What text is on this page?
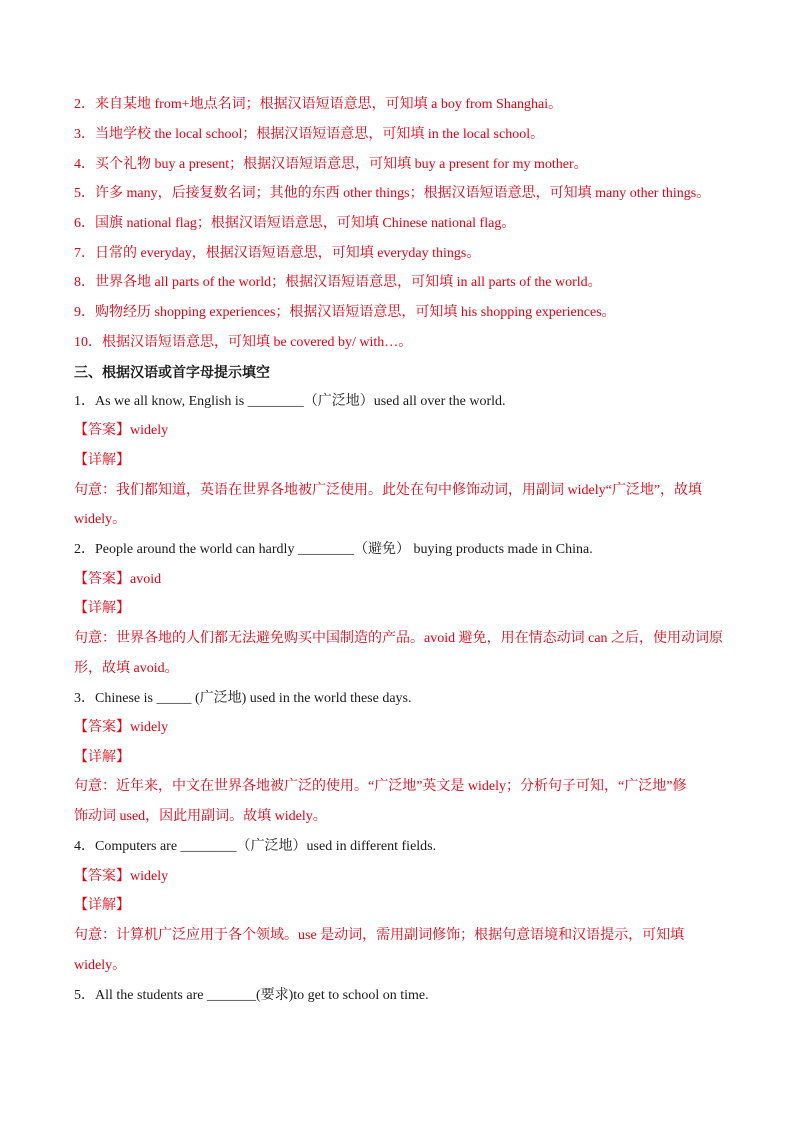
2．来自某地 from+地点名词；根据汉语短语意思，可知填 a boy from Shanghai。
3．当地学校 the local school；根据汉语短语意思，可知填 in the local school。
4．买个礼物 buy a present；根据汉语短语意思，可知填 buy a present for my mother。
5．许多 many，后接复数名词；其他的东西 other things；根据汉语短语意思，可知填 many other things。
6．国旗 national flag；根据汉语短语意思，可知填 Chinese national flag。
7．日常的 everyday，根据汉语短语意思，可知填 everyday things。
8．世界各地 all parts of the world；根据汉语短语意思，可知填 in all parts of the world。
9．购物经历 shopping experiences；根据汉语短语意思，可知填 his shopping experiences。
10．根据汉语短语意思，可知填 be covered by/ with…。
三、根据汉语或首字母提示填空
1．As we all know, English is ________（广泛地）used all over the world.
【答案】widely
【详解】
句意：我们都知道，英语在世界各地被广泛使用。此处在句中修饰动词，用副词 widely“广泛地”，故填
widely。
2．People around the world can hardly ________（避免） buying products made in China.
【答案】avoid
【详解】
句意：世界各地的人们都无法避免购买中国制造的产品。avoid 避免，用在情态动词 can 之后，使用动词原
形，故填 avoid。
3．Chinese is _____ (广泛地) used in the world these days.
【答案】widely
【详解】
句意：近年来，中文在世界各地被广泛的使用。“广泛地”英文是 widely；分析句子可知，“广泛地”修
饰动词 used，因此用副词。故填 widely。
4．Computers are ________（广泛地）used in different fields.
【答案】widely
【详解】
句意：计算机广泛应用于各个领域。use 是动词，需用副词修饰；根据句意语境和汉语提示，可知填
widely。
5．All the students are _______(要求)to get to school on time.
